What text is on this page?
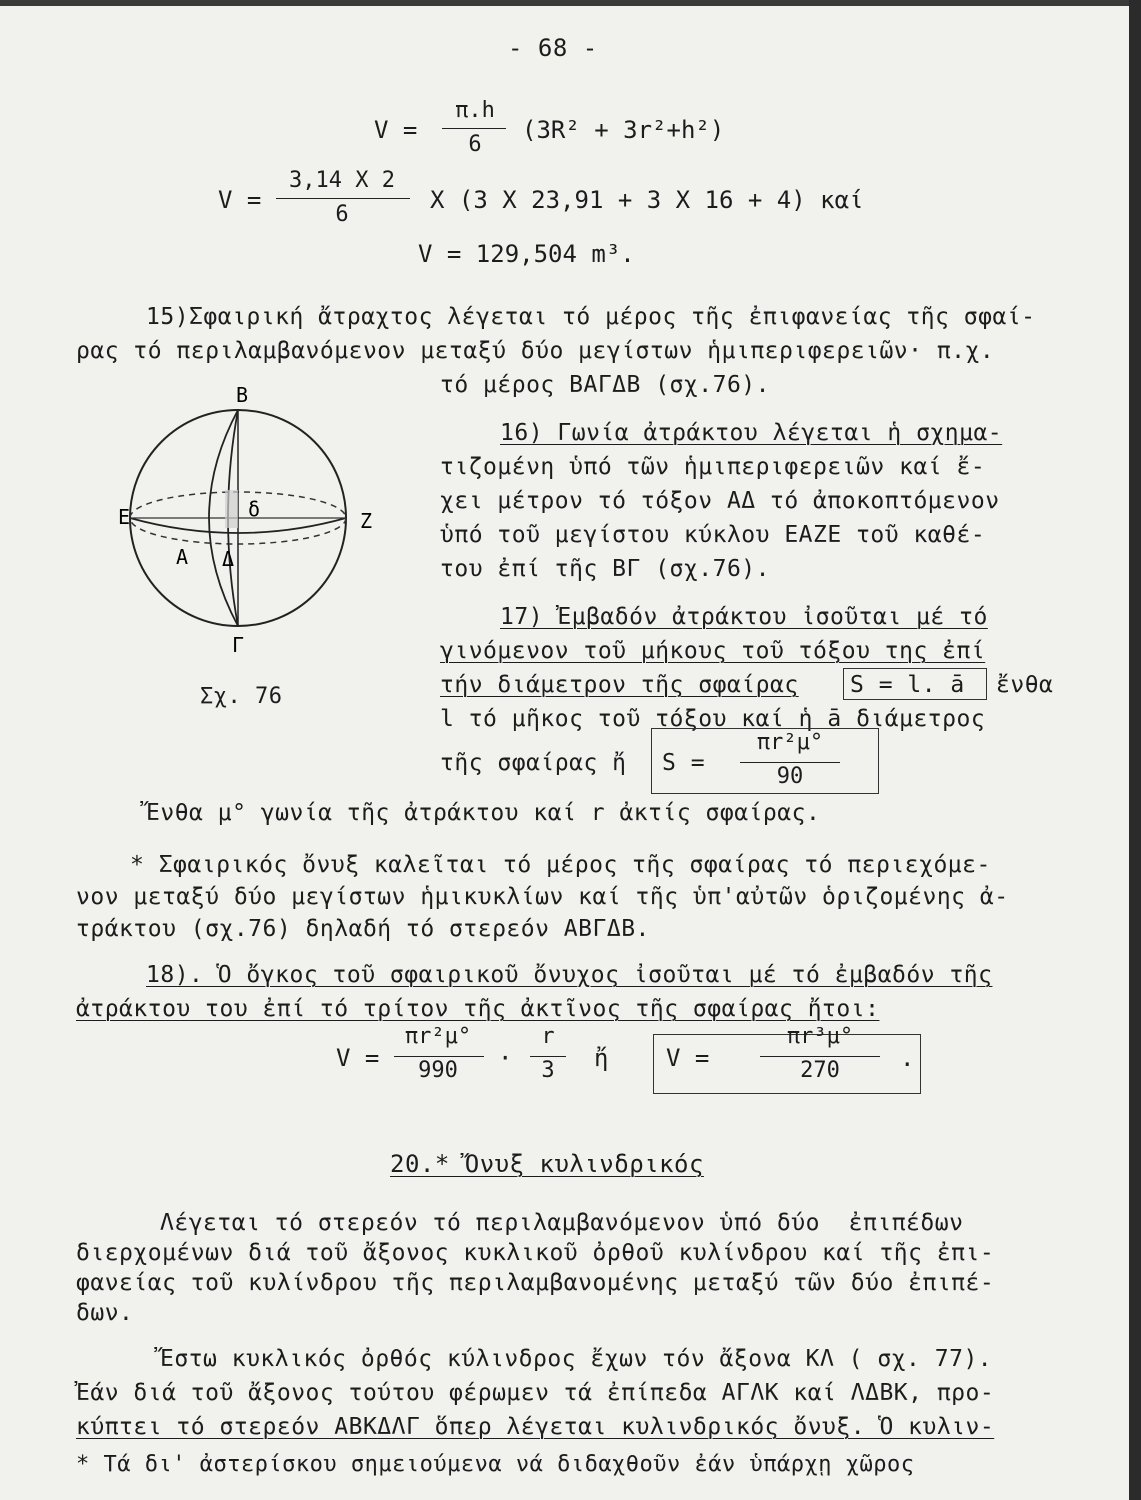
- 68 -
V =
π.h
6
(3R² + 3r²+h²)
V =
3,14 X 2
6
X (3 X 23,91 + 3 X 16 + 4) καί
V = 129,504 m³.
15)Σφαιρική ἄτραχτος λέγεται τό μέρος τῆς ἐπιφανείας τῆς σφαί-
ρας τό περιλαμβανόμενον μεταξύ δύο μεγίστων ἡμιπεριφερειῶν· π.χ.
τό μέρος ΒΑΓΔΒ (σχ.76).
Β
Γ
Ε	Ζ
Α Δ
δ
Σχ. 76
16) Γωνία ἀτράκτου λέγεται ἡ σχημα-
τιζομένη ὑπό τῶν ἡμιπεριφερειῶν καί ἔ-
χει μέτρον τό τόξον ΑΔ τό ἀποκοπτόμενον
ὑπό τοῦ μεγίστου κύκλου ΕΑΖΕ τοῦ καθέ-
του ἐπί τῆς ΒΓ (σχ.76).
17) Ἐμβαδόν ἀτράκτου ἰσοῦται μέ τό
γινόμενον τοῦ μήκους τοῦ τόξου της ἐπί
τήν διάμετρον τῆς σφαίρας S = l. ā ἔνθα
l τό μῆκος τοῦ τόξου καί ἡ ā διάμετρος
τῆς σφαίρας ἤ S =
πr²μ°
90
Ἔνθα μ° γωνία τῆς ἀτράκτου καί r ἀκτίς σφαίρας.
* Σφαιρικός ὄνυξ καλεῖται τό μέρος τῆς σφαίρας τό περιεχόμε-
νον μεταξύ δύο μεγίστων ἡμικυκλίων καί τῆς ὑπ'αὐτῶν ὁριζομένης ἀ-
τράκτου (σχ.76) δηλαδή τό στερεόν ΑΒΓΔΒ.
18). Ὁ ὄγκος τοῦ σφαιρικοῦ ὄνυχος ἰσοῦται μέ τό ἐμβαδόν τῆς
ἀτράκτου του ἐπί τό τρίτον τῆς ἀκτῖνος τῆς σφαίρας ἤτοι:
V =
πr²μ°
990	·
r
3	ἤ V =
πr³μ°
270	.
20.* Ὄνυξ κυλινδρικός
Λέγεται τό στερεόν τό περιλαμβανόμενον ὑπό δύο  ἐπιπέδων
διερχομένων διά τοῦ ἄξονος κυκλικοῦ ὀρθοῦ κυλίνδρου καί τῆς ἐπι-
φανείας τοῦ κυλίνδρου τῆς περιλαμβανομένης μεταξύ τῶν δύο ἐπιπέ-
δων.
Ἔστω κυκλικός ὀρθός κύλινδρος ἔχων τόν ἄξονα ΚΛ ( σχ. 77).
Ἐάν διά τοῦ ἄξονος τούτου φέρωμεν τά ἐπίπεδα ΑΓΛΚ καί ΛΔΒΚ, προ-
κύπτει τό στερεόν ΑΒΚΔΛΓ ὅπερ λέγεται κυλινδρικός ὄνυξ. Ὁ κυλιν-
* Τά δι' ἀστερίσκου σημειούμενα νά διδαχθοῦν ἐάν ὑπάρχῃ χῶρος
